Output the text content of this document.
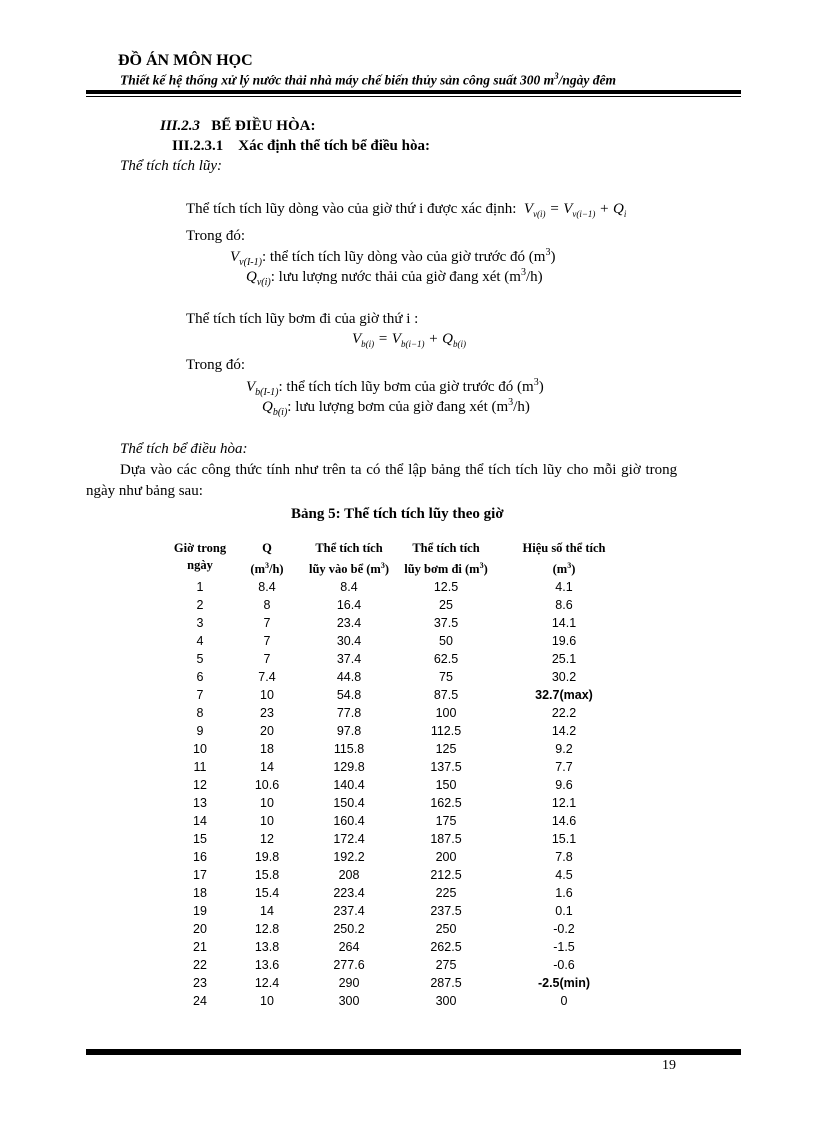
ĐỒ ÁN MÔN HỌC
Thiết kế hệ thống xử lý nước thải nhà máy chế biến thủy sản công suất 300 $m^3$/ngày đêm
III.2.3 BỂ ĐIỀU HÒA:
III.2.3.1 Xác định thể tích bể điều hòa:
Thể tích tích lũy:
Thể tích tích lũy dòng vào của giờ thứ i được xác định: $V_{v(i)} = V_{v(i-1)} + Q_i$
Trong đó:
$V_{v(I-1)}$: thể tích tích lũy dòng vào của giờ trước đó $(m^3)$
$Q_{v(i)}$: lưu lượng nước thải của giờ đang xét $(m^3/h)$
Thể tích tích lũy bơm đi của giờ thứ i :
$V_{b(i)} = V_{b(i-1)} + Q_{b(i)}$
Trong đó:
$V_{b(I-1)}$: thể tích tích lũy bơm của giờ trước đó $(m^3)$
$Q_{b(i)}$: lưu lượng bơm của giờ đang xét $(m^3/h)$
Thể tích bể điều hòa:
Dựa vào các công thức tính như trên ta có thể lập bảng thể tích tích lũy cho mỗi giờ trong
ngày như bảng sau:
Bảng 5: Thể tích tích lũy theo giờ
Giờ trong
ngày	Q
$(m^3/h)$	Thể tích tích
lũy vào bể $(m^3)$	Thể tích tích
lũy bơm đi $(m^3)$	Hiệu số thể tích
$(m^3)$
1	8.4	8.4	12.5	4.1
2	8	16.4	25	8.6
3	7	23.4	37.5	14.1
4	7	30.4	50	19.6
5	7	37.4	62.5	25.1
6	7.4	44.8	75	30.2
7	10	54.8	87.5	32.7(max)
8	23	77.8	100	22.2
9	20	97.8	112.5	14.2
10	18	115.8	125	9.2
11	14	129.8	137.5	7.7
12	10.6	140.4	150	9.6
13	10	150.4	162.5	12.1
14	10	160.4	175	14.6
15	12	172.4	187.5	15.1
16	19.8	192.2	200	7.8
17	15.8	208	212.5	4.5
18	15.4	223.4	225	1.6
19	14	237.4	237.5	0.1
20	12.8	250.2	250	-0.2
21	13.8	264	262.5	-1.5
22	13.6	277.6	275	-0.6
23	12.4	290	287.5	-2.5(min)
24	10	300	300	0
19
